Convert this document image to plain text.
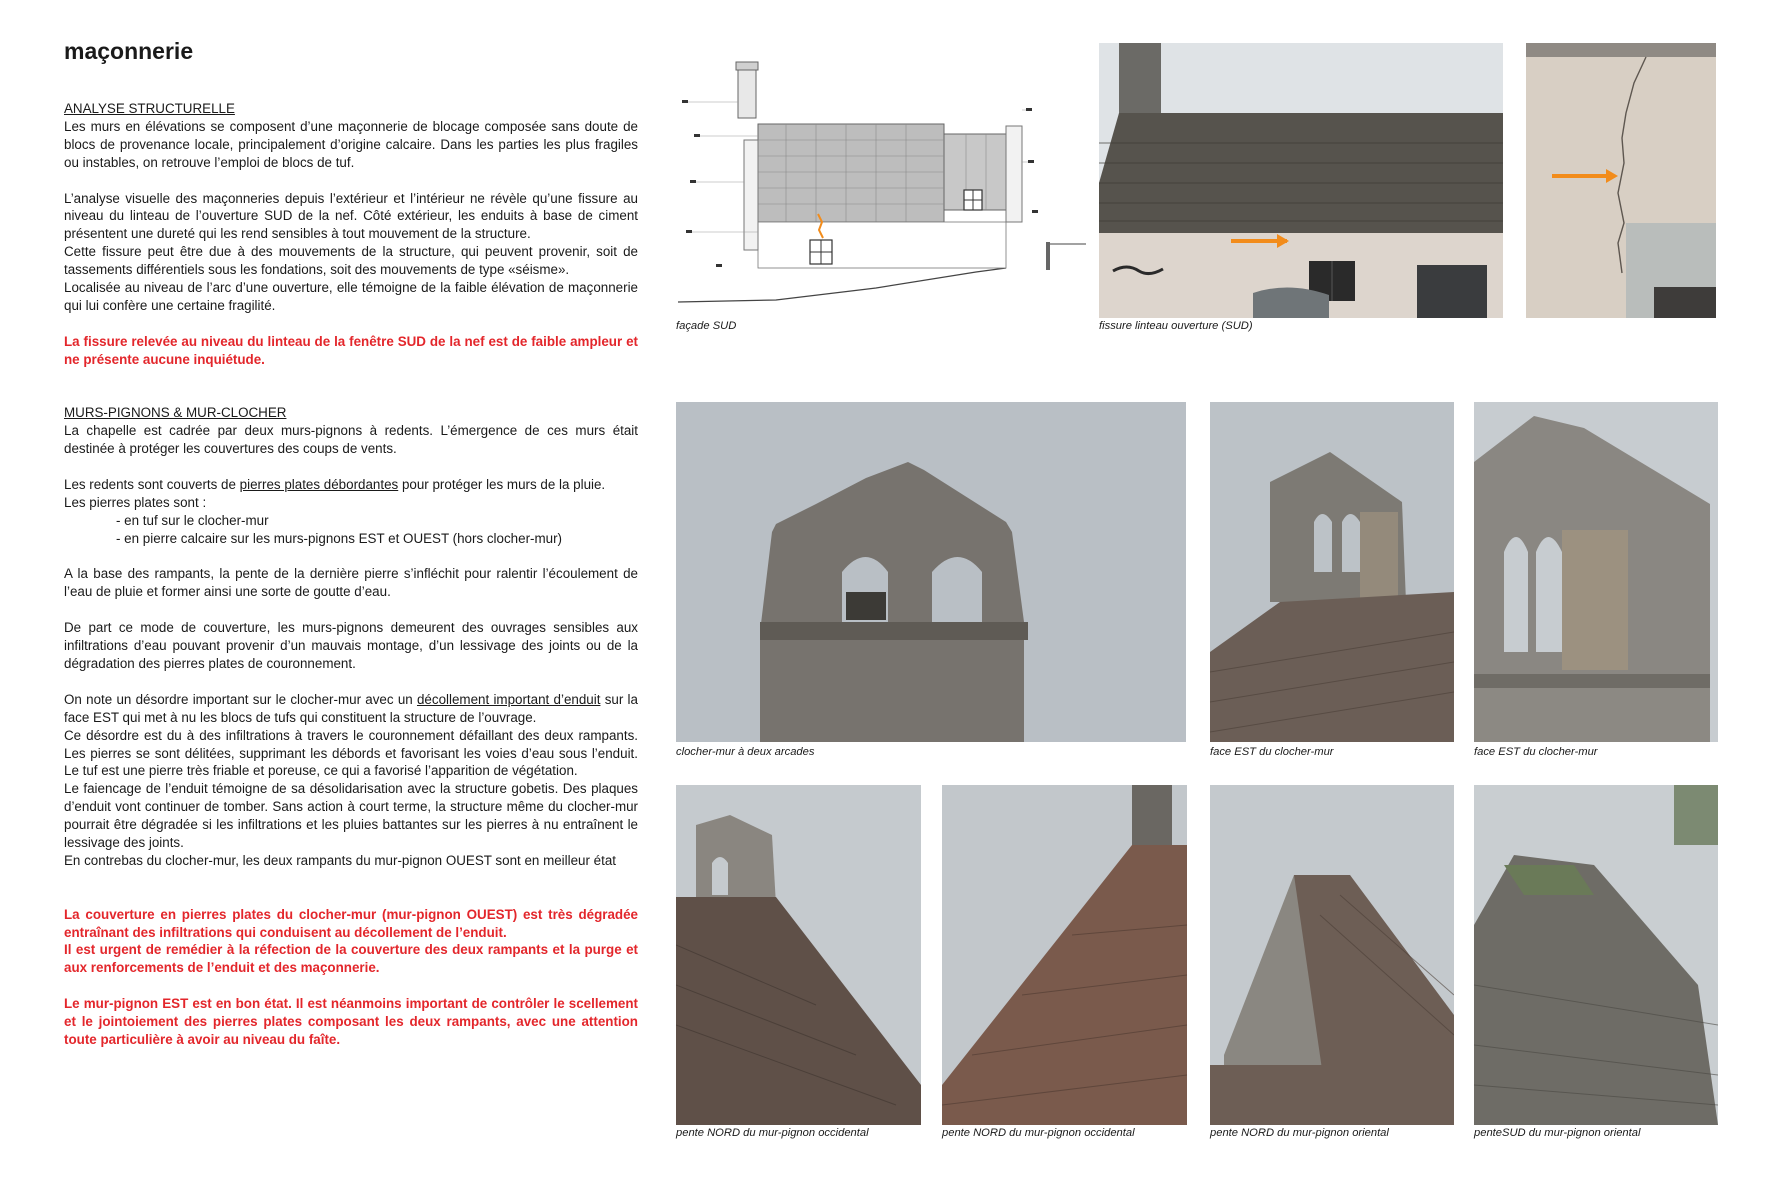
maçonnerie
ANALYSE STRUCTURELLE

Les murs en élévations se composent d’une maçonnerie de blocage composée sans doute de blocs de provenance locale, principalement d’origine calcaire. Dans les parties les plus fragiles ou instables, on retrouve l’emploi de blocs de tuf.

L’analyse visuelle des maçonneries depuis l’extérieur et l’intérieur ne révèle qu’une fissure au niveau du linteau de l’ouverture SUD de la nef. Côté extérieur, les enduits à base de ciment présentent une dureté qui les rend sensibles à tout mouvement de la structure.
Cette fissure peut être due à des mouvements de la structure, qui peuvent provenir, soit de tassements différentiels sous les fondations, soit des mouvements de type «séisme».
Localisée au niveau de l’arc d’une ouverture, elle témoigne de la faible élévation de maçonnerie qui lui confère une certaine fragilité.

La fissure relevée au niveau du linteau de la fenêtre SUD de la nef est de faible ampleur et ne présente aucune inquiétude.

MURS-PIGNONS & MUR-CLOCHER

La chapelle est cadrée par deux murs-pignons à redents. L’émergence de ces murs était destinée à protéger les couvertures des coups de vents.

Les redents sont couverts de pierres plates débordantes pour protéger les murs de la pluie.
Les pierres plates sont :
- en tuf sur le clocher-mur
- en pierre calcaire sur les murs-pignons EST et OUEST (hors clocher-mur)

A la base des rampants, la pente de la dernière pierre s’infléchit pour ralentir l’écoulement de l’eau de pluie et former ainsi une sorte de goutte d’eau.

De part ce mode de couverture, les murs-pignons demeurent des ouvrages sensibles aux infiltrations d’eau pouvant provenir d’un mauvais montage, d’un lessivage des joints ou de la dégradation des pierres plates de couronnement.

On note un désordre important sur le clocher-mur avec un décollement important d’enduit sur la face EST qui met à nu les blocs de tufs qui constituent la structure de l’ouvrage.
Ce désordre est du à des infiltrations à travers le couronnement défaillant des deux rampants. Les pierres se sont délitées, supprimant les débords et favorisant les voies d’eau sous l’enduit. Le tuf est une pierre très friable et poreuse, ce qui a favorisé l’apparition de végétation.
Le faiencage de l’enduit témoigne de sa désolidarisation avec la structure gobetis. Des plaques d’enduit vont continuer de tomber. Sans action à court terme, la structure même du clocher-mur pourrait être dégradée si les infiltrations et les pluies battantes sur les pierres à nu entraînent le lessivage des joints.
En contrebas du clocher-mur, les deux rampants du mur-pignon OUEST sont en meilleur état
La couverture en pierres plates du clocher-mur (mur-pignon OUEST) est très dégradée entraînant des infiltrations qui conduisent au décollement de l’enduit.
Il est urgent de remédier à la réfection de la couverture des deux rampants et la purge et aux renforcements de l’enduit et des maçonnerie.
Le mur-pignon EST est en bon état. Il est néanmoins important de contrôler le scellement et le jointoiement des pierres plates composant les deux rampants, avec une attention toute particulière à avoir au niveau du faîte.
façade SUD	fissure linteau ouverture (SUD)
clocher-mur à deux arcades	face EST du clocher-mur	face EST du clocher-mur
pente NORD du mur-pignon occidental	pente NORD du mur-pignon occidental	pente NORD du mur-pignon oriental	penteSUD du mur-pignon oriental
